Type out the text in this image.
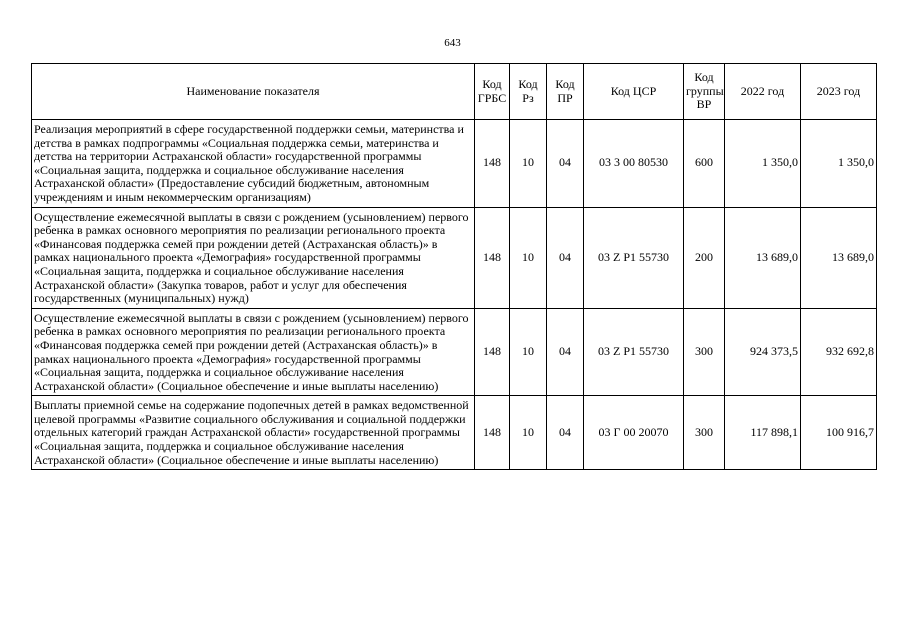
643
Наименование показателя	Код ГРБС	Код Рз	Код ПР	Код ЦСР	Код группы ВР	2022 год	2023 год
Реализация мероприятий в сфере государственной поддержки семьи, материнства и детства в рамках подпрограммы «Социальная поддержка семьи, материнства и детства на территории Астраханской области» государственной программы «Социальная защита, поддержка и социальное обслуживание населения Астраханской области» (Предоставление субсидий бюджетным, автономным учреждениям и иным некоммерческим организациям)	148	10	04	03 3 00 80530	600	1 350,0	1 350,0
Осуществление ежемесячной выплаты в связи с рождением (усыновлением) первого ребенка в рамках основного мероприятия по реализации регионального проекта «Финансовая поддержка семей при рождении детей (Астраханская область)» в рамках национального проекта «Демография» государственной программы «Социальная защита, поддержка и социальное обслуживание населения Астраханской области» (Закупка товаров, работ и услуг для обеспечения государственных (муниципальных) нужд)	148	10	04	03 Z P1 55730	200	13 689,0	13 689,0
Осуществление ежемесячной выплаты в связи с рождением (усыновлением) первого ребенка в рамках основного мероприятия по реализации регионального проекта «Финансовая поддержка семей при рождении детей (Астраханская область)» в рамках национального проекта «Демография» государственной программы «Социальная защита, поддержка и социальное обслуживание населения Астраханской области» (Социальное обеспечение и иные выплаты населению)	148	10	04	03 Z P1 55730	300	924 373,5	932 692,8
Выплаты приемной семье на содержание подопечных детей в рамках ведомственной целевой программы «Развитие социального обслуживания и социальной поддержки отдельных категорий граждан Астраханской области» государственной программы «Социальная защита, поддержка и социальное обслуживание населения Астраханской области» (Социальное обеспечение и иные выплаты населению)	148	10	04	03 Г 00 20070	300	117 898,1	100 916,7
